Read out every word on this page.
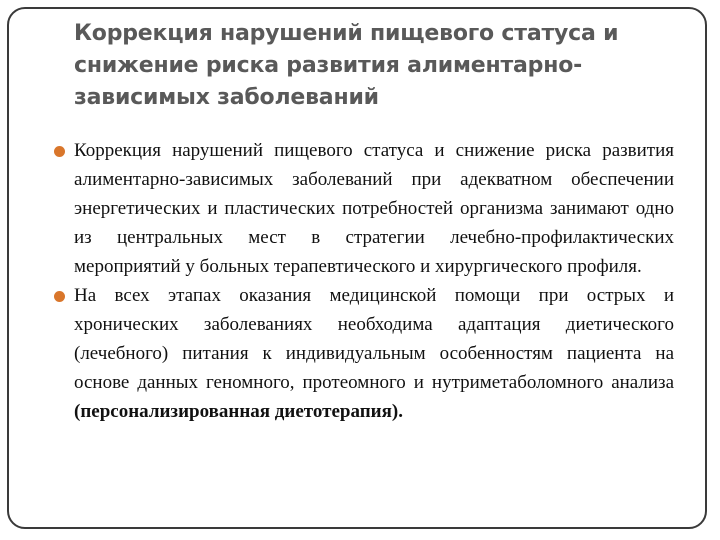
Коррекция нарушений пищевого статуса и снижение риска развития алиментарно-зависимых заболеваний
Коррекция нарушений пищевого статуса и снижение риска развития алиментарно-зависимых заболеваний при адекватном обеспечении энергетических и пластических потребностей организма занимают одно из центральных мест в стратегии лечебно-профилактических мероприятий у больных терапевтического и хирургического профиля.
На всех этапах оказания медицинской помощи при острых и хронических заболеваниях необходима адаптация диетического (лечебного) питания к индивидуальным особенностям пациента на основе данных геномного, протеомного и нутриметаболомного анализа (персонализированная диетотерапия).
